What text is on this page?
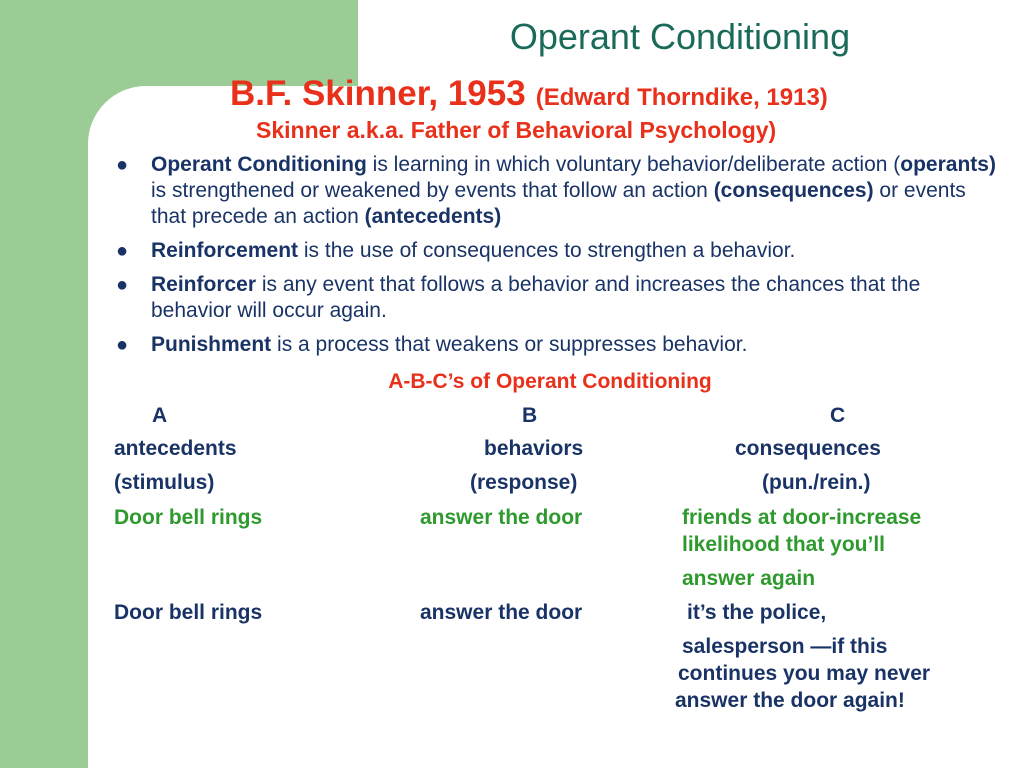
Operant Conditioning
B.F. Skinner, 1953 (Edward Thorndike, 1913)
Skinner a.k.a. Father of Behavioral Psychology)
● Operant Conditioning is learning in which voluntary behavior/deliberate action (operants) is strengthened or weakened by events that follow an action (consequences) or events that precede an action (antecedents)
● Reinforcement is the use of consequences to strengthen a behavior.
● Reinforcer is any event that follows a behavior and increases the chances that the behavior will occur again.
● Punishment is a process that weakens or suppresses behavior.
A-B-C’s of Operant Conditioning
A	B	C
antecedents	behaviors	consequences
(stimulus)	(response)	(pun./rein.)
Door bell rings	answer the door	friends at door-increase
likelihood that you’ll
answer again
Door bell rings	answer the door	it’s the police,
salesperson —if this
continues you may never
answer the door again!
